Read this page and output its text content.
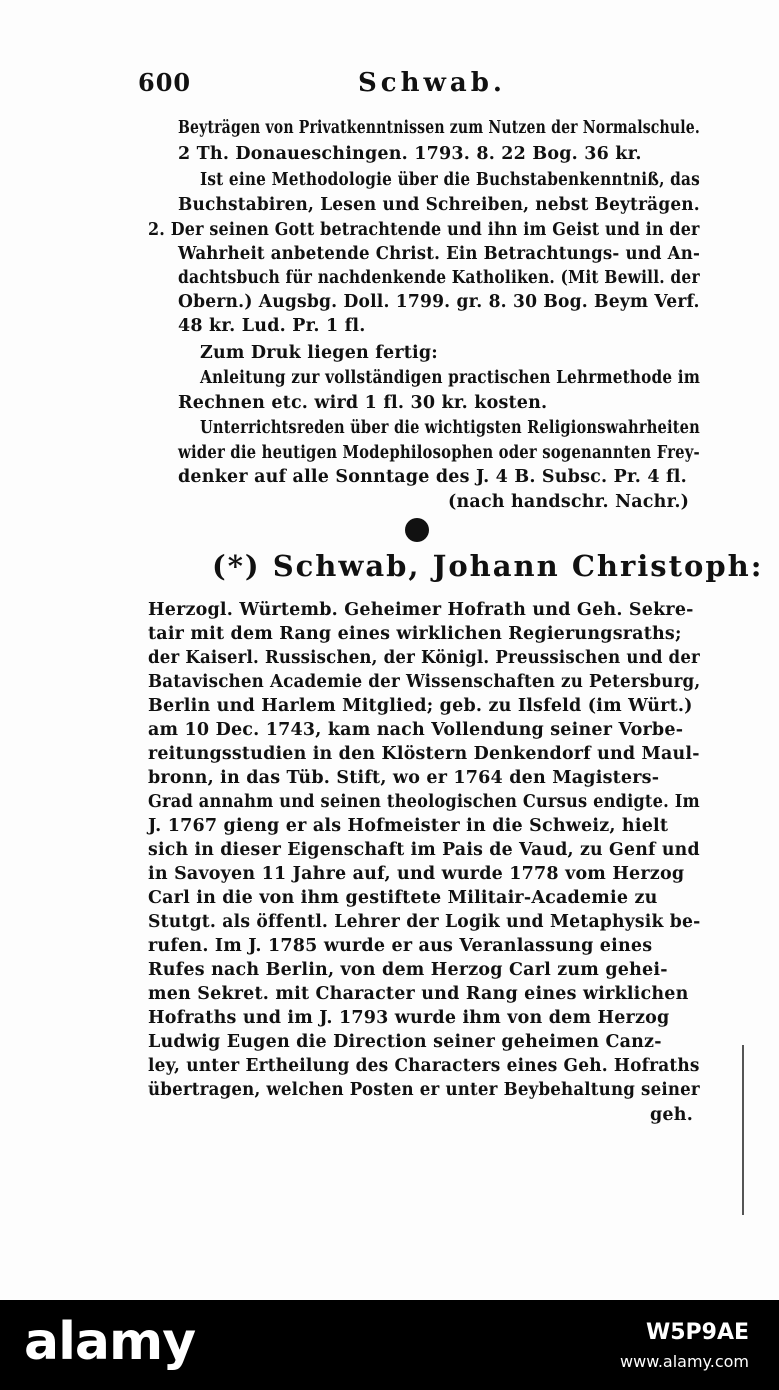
600	Schwab.
Beyträgen von Privatkenntnissen zum Nutzen der Normalschule.
2 Th. Donaueschingen. 1793. 8. 22 Bog. 36 kr.
Ist eine Methodologie über die Buchstabenkenntniß, das
Buchstabiren, Lesen und Schreiben, nebst Beyträgen.
2. Der seinen Gott betrachtende und ihn im Geist und in der
Wahrheit anbetende Christ. Ein Betrachtungs- und An-
dachtsbuch für nachdenkende Katholiken. (Mit Bewill. der
Obern.) Augsbg. Doll. 1799. gr. 8. 30 Bog. Beym Verf.
48 kr. Lud. Pr. 1 fl.
Zum Druk liegen fertig:
Anleitung zur vollständigen practischen Lehrmethode im
Rechnen etc. wird 1 fl. 30 kr. kosten.
Unterrichtsreden über die wichtigsten Religionswahrheiten
wider die heutigen Modephilosophen oder sogenannten Frey-
denker auf alle Sonntage des J. 4 B. Subsc. Pr. 4 fl.
(nach handschr. Nachr.)
(*) Schwab, Johann Christoph:
Herzogl. Würtemb. Geheimer Hofrath und Geh. Sekre-
tair mit dem Rang eines wirklichen Regierungsraths;
der Kaiserl. Russischen, der Königl. Preussischen und der
Batavischen Academie der Wissenschaften zu Petersburg,
Berlin und Harlem Mitglied; geb. zu Ilsfeld (im Würt.)
am 10 Dec. 1743, kam nach Vollendung seiner Vorbe-
reitungsstudien in den Klöstern Denkendorf und Maul-
bronn, in das Tüb. Stift, wo er 1764 den Magisters-
Grad annahm und seinen theologischen Cursus endigte. Im
J. 1767 gieng er als Hofmeister in die Schweiz, hielt
sich in dieser Eigenschaft im Pais de Vaud, zu Genf und
in Savoyen 11 Jahre auf, und wurde 1778 vom Herzog
Carl in die von ihm gestiftete Militair-Academie zu
Stutgt. als öffentl. Lehrer der Logik und Metaphysik be-
rufen. Im J. 1785 wurde er aus Veranlassung eines
Rufes nach Berlin, von dem Herzog Carl zum gehei-
men Sekret. mit Character und Rang eines wirklichen
Hofraths und im J. 1793 wurde ihm von dem Herzog
Ludwig Eugen die Direction seiner geheimen Canz-
ley, unter Ertheilung des Characters eines Geh. Hofraths
übertragen, welchen Posten er unter Beybehaltung seiner
geh.
alamy	W5P9AE
www.alamy.com
